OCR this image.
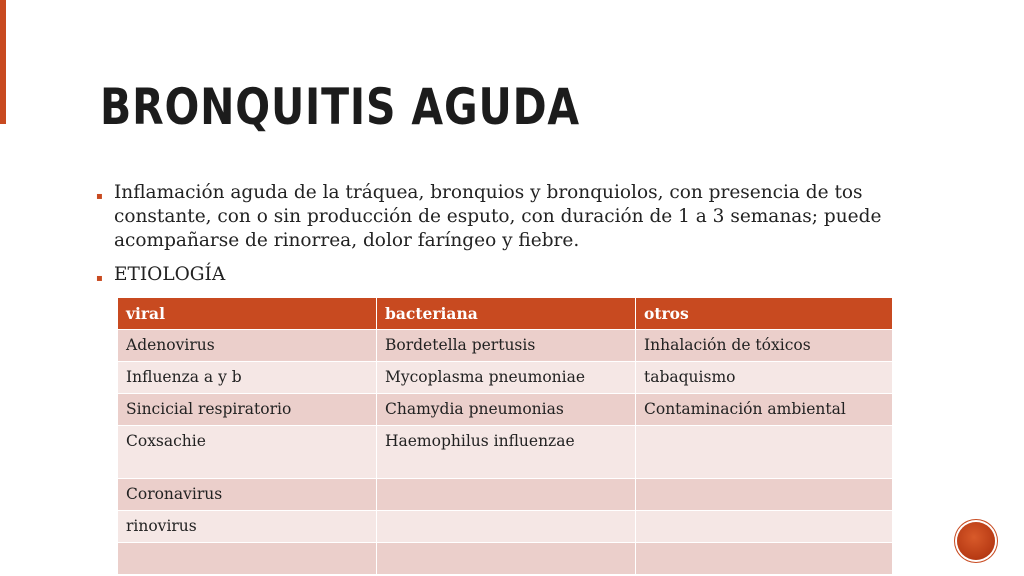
BRONQUITIS AGUDA
▪ Inflamación aguda de la tráquea, bronquios y bronquiolos, con presencia de tos constante, con o sin producción de esputo, con duración de 1 a 3 semanas; puede acompañarse de rinorrea, dolor faríngeo y fiebre.
▪ ETIOLOGÍA
viral	bacteriana	otros
Adenovirus	Bordetella pertusis	Inhalación de tóxicos
Influenza a y b	Mycoplasma pneumoniae	tabaquismo
Sincicial respiratorio	Chamydia pneumonias	Contaminación ambiental
Coxsachie	Haemophilus influenzae	
Coronavirus		
rinovirus		
